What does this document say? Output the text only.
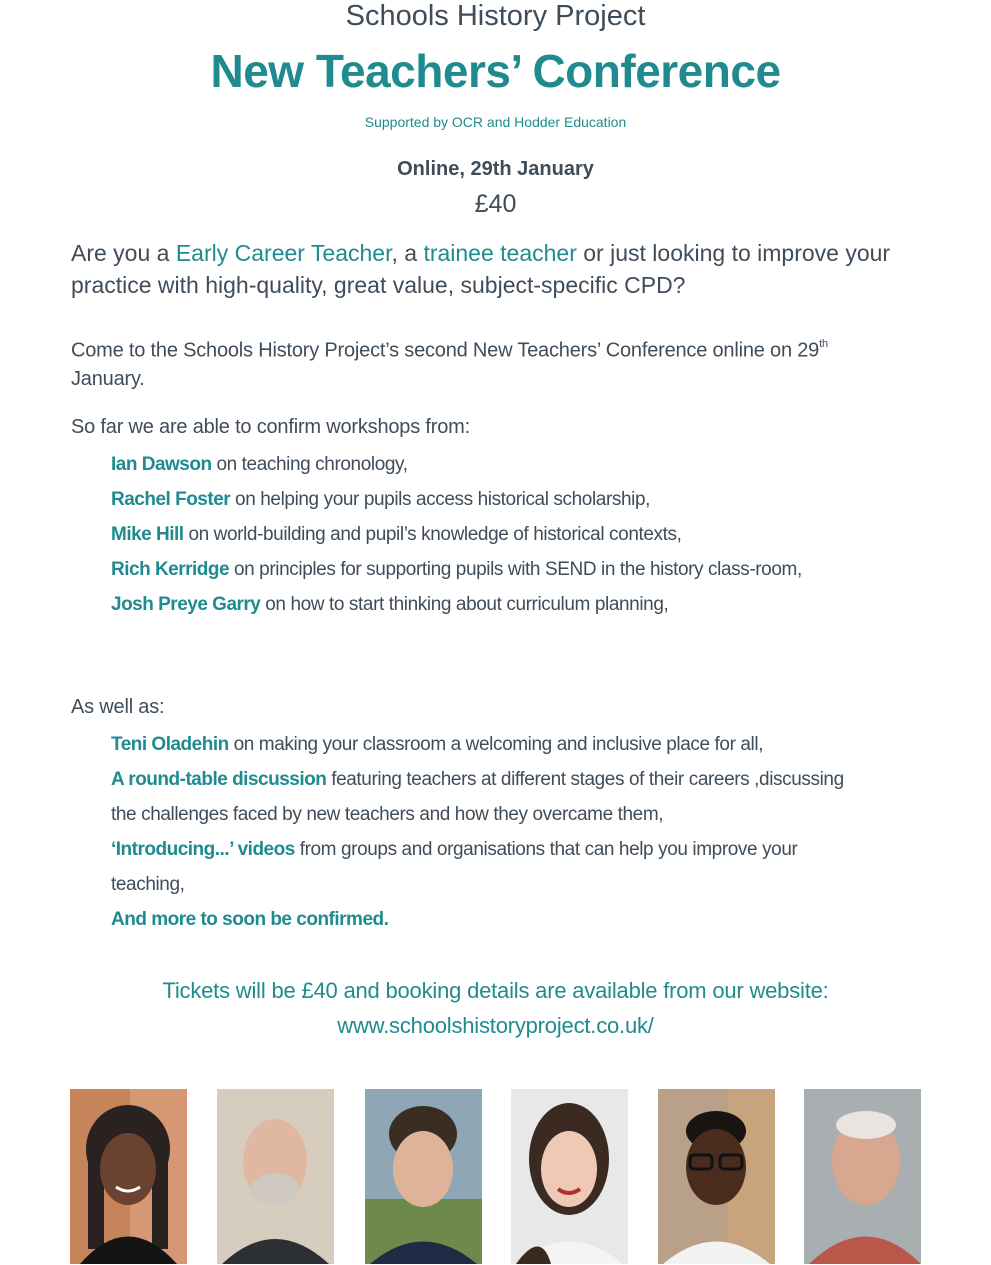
Schools History Project
New Teachers’ Conference
Supported by OCR and Hodder Education
Online, 29th January
£40
Are you a Early Career Teacher, a trainee teacher or just looking to improve your practice with high-quality, great value, subject-specific CPD?
Come to the Schools History Project’s second New Teachers’ Conference online on 29th
January.
So far we are able to confirm workshops from:
Ian Dawson on teaching chronology,
Rachel Foster on helping your pupils access historical scholarship,
Mike Hill on world-building and pupil’s knowledge of historical contexts,
Rich Kerridge on principles for supporting pupils with SEND in the history class-room,
Josh Preye Garry on how to start thinking about curriculum planning,
As well as:
Teni Oladehin on making your classroom a welcoming and inclusive place for all,
A round-table discussion featuring teachers at different stages of their careers ,discussing the challenges faced by new teachers and how they overcame them,
‘Introducing...’ videos from groups and organisations that can help you improve your teaching,
And more to soon be confirmed.
Tickets will be £40 and booking details are available from our website:
www.schoolshistoryproject.co.uk/
